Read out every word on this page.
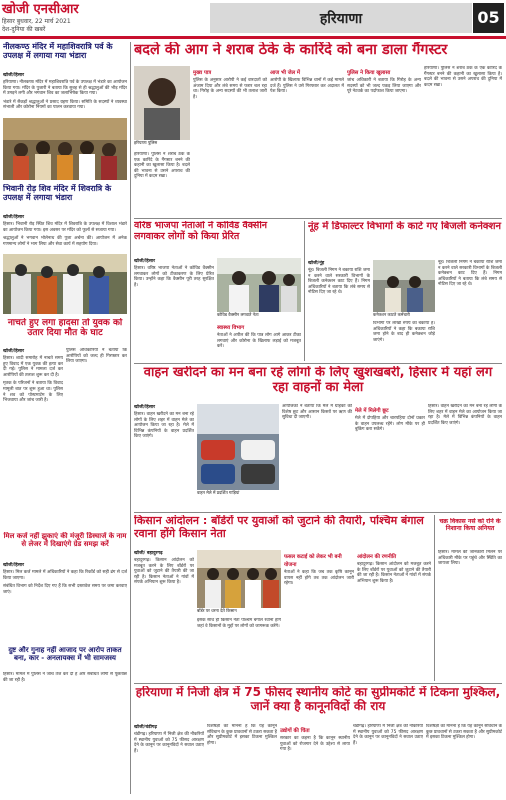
खोजी एनसीआर
हिसार बुधवार, 22 मार्च 2021
देश-दुनिया की खबरें
हरियाणा	05
नीलकण्ठ मंदिर में महाशिवरात्रि पर्व के उपलक्ष में लगाया गया भंडारा
खोजी/हिसार

हरियाणा। नीलकण्ठ मंदिर में महाशिवरात्रि पर्व के उपलक्ष में भंडारे का आयोजन किया गया। मंदिर के पुजारी ने बताया कि सुबह से ही श्रद्धालुओं की भीड़ मंदिर में उमड़ने लगी और भगवान शिव का जलाभिषेक किया गया।

भंडारे में सैकड़ों श्रद्धालुओं ने प्रसाद ग्रहण किया। समिति के सदस्यों ने व्यवस्था संभाली और कोरोना नियमों का पालन करवाया गया।

भिवानी रोड़ शिव मंदिर में शिवरात्रि के उपलक्ष में लगाया भंडारा
खोजी/हिसार

हिसार। भिवानी रोड़ स्थित शिव मंदिर में शिवरात्रि के उपलक्ष में विशाल भंडारे का आयोजन किया गया। इस अवसर पर मंदिर को फूलों से सजाया गया।

श्रद्धालुओं ने भगवान भोलेनाथ की पूजा अर्चना की। आयोजन में अनेक गणमान्य लोगों ने भाग लिया और सेवा कार्य में सहयोग दिया।

नाचते हुए लगा हादसा तो युवक को उतार दिया मौत के घाट
खोजी/हिसार

हिसार। शादी समारोह में नाचते समय हुए विवाद में एक युवक की हत्या कर दी गई। पुलिस ने मामला दर्ज कर आरोपियों की तलाश शुरू कर दी है।

मृतक के परिजनों ने बताया कि विवाद मामूली बात पर शुरू हुआ था। पुलिस ने शव को पोस्टमार्टम के लिए भिजवाया और जांच जारी है।

पुलिस अधिकारियों ने बताया कि आरोपियों को जल्द ही गिरफ्तार कर लिया जाएगा।

मिल कर्ज नहीं झुकाएं की मंजूरी डिस्चार्ज के नाम से लेजर में दिखाएंगे ग्रेड समझ करें
खोजी/हिसार

हिसार। मिल कर्ज मामले में अधिकारियों ने कहा कि रिकॉर्ड को सही ढंग से दर्ज किया जाएगा।

संबंधित विभाग को निर्देश दिए गए हैं कि सभी दस्तावेज समय पर जमा करवाए जाएं।

दुष्ट और गुनाह नहीं आजाद पर आरोप ताकत बना, कार - अनलायक्स में भी सामजस्य

हिसार। मामले में पुलिस ने जांच तेज कर दी है और संबंधित लोगों से पूछताछ की जा रही है।

बदले की आग ने शराब ठेके के कारिंदे को बना डाला गैंगस्टर
हरियाणा पुलिस

हरियाणा। पुलिस ने शराब ठेके के एक कारिंदे के गैंगस्टर बनने की कहानी का खुलासा किया है। बदले की भावना से उसने अपराध की दुनिया में कदम रखा।

मुख्य पात्र

पुलिस के अनुसार आरोपी ने कई वारदातों को अंजाम दिया और लंबे समय से फरार चल रहा था। गिरोह के अन्य सदस्यों की भी तलाश जारी है।

आज भी जेल में

आरोपी के खिलाफ विभिन्न थानों में कई मामले दर्ज हैं। पुलिस ने उसे गिरफ्तार कर अदालत में पेश किया।

पुलिस ने किया खुलासा

जांच अधिकारी ने बताया कि गिरोह के अन्य सदस्यों को भी जल्द पकड़ लिया जाएगा और पूरे नेटवर्क का पर्दाफाश किया जाएगा।

हरियाणा। पुलिस ने शराब ठेके के एक कारिंदे के गैंगस्टर बनने की कहानी का खुलासा किया है। बदले की भावना से उसने अपराध की दुनिया में कदम रखा।

वरिष्ठ भाजपा नेताओं ने कोविड वैक्सीन लगवाकर लोगों को किया प्रेरित
खोजी/हिसार

हिसार। वरिष्ठ भाजपा नेताओं ने कोविड वैक्सीन लगवाकर लोगों को टीकाकरण के लिए प्रेरित किया। उन्होंने कहा कि वैक्सीन पूरी तरह सुरक्षित है।

कोविड वैक्सीन लगवाते नेता
स्वास्थ्य विभाग

नेताओं ने अपील की कि पात्र लोग आगे आकर टीका लगवाएं और कोरोना के खिलाफ लड़ाई को मजबूत करें।

नूंह में डिफाल्टर विभागों के काटे गए बिजली कनेक्शन
खोजी/नूंह

नूंह। बिजली निगम ने बकाया राशि जमा न करने वाले सरकारी विभागों के बिजली कनेक्शन काट दिए हैं। निगम अधिकारियों ने बताया कि लंबे समय से नोटिस दिए जा रहे थे।

कनेक्शन काटते कर्मचारी

विभागों पर लाखों रुपये का बकाया है। अधिकारियों ने कहा कि बकाया राशि जमा होने के बाद ही कनेक्शन जोड़े जाएंगे।

नूंह। बिजली निगम ने बकाया राशि जमा न करने वाले सरकारी विभागों के बिजली कनेक्शन काट दिए हैं। निगम अधिकारियों ने बताया कि लंबे समय से नोटिस दिए जा रहे थे।

वाहन खरीदने का मन बना रहे लोगों के लिए खुशखबरी, हिसार में यहां लग रहा वाहनों का मेला
खोजी/हिसार

हिसार। वाहन खरीदने का मन बना रहे लोगों के लिए शहर में वाहन मेले का आयोजन किया जा रहा है। मेले में विभिन्न कंपनियों के वाहन प्रदर्शित किए जाएंगे।

वाहन मेले में प्रदर्शित गाड़ियां

आयोजकों ने बताया कि मेले में ग्राहकों को विशेष छूट और आसान किस्तों पर ऋण की सुविधा दी जाएगी।

मेले में मिलेगी छूट

मेले में दोपहिया और चारपहिया दोनों प्रकार के वाहन उपलब्ध रहेंगे। लोग मौके पर ही बुकिंग करा सकेंगे।

हिसार। वाहन खरीदने का मन बना रहे लोगों के लिए शहर में वाहन मेले का आयोजन किया जा रहा है। मेले में विभिन्न कंपनियों के वाहन प्रदर्शित किए जाएंगे।

किसान आंदोलन : बॉर्डरों पर युवाओं को जुटाने की तैयारी, पश्चिम बंगाल रवाना होंगे किसान नेता
खोजी/ बहादुरगढ़

बहादुरगढ़। किसान आंदोलन को मजबूत करने के लिए बॉर्डरों पर युवाओं को जुटाने की तैयारी की जा रही है। किसान नेताओं ने गांवों में संपर्क अभियान शुरू किया है।

बॉर्डर पर धरना देते किसान

इसके साथ ही किसान नेता पश्चिम बंगाल रवाना होंगे जहां वे किसानों के मुद्दों पर लोगों को जागरूक करेंगे।

फसल कटाई को लेकर भी बनी योजना

नेताओं ने कहा कि जब तक कृषि कानून वापस नहीं होंगे तब तक आंदोलन जारी रहेगा।

आंदोलन की रणनीति

बहादुरगढ़। किसान आंदोलन को मजबूत करने के लिए बॉर्डरों पर युवाओं को जुटाने की तैयारी की जा रही है। किसान नेताओं ने गांवों में संपर्क अभियान शुरू किया है।

चक्र विकास नर्स को रोने के निशाना किया अनियत

हिसार। मामले की जानकारी मिलने पर अधिकारी मौके पर पहुंचे और स्थिति का जायजा लिया।

हरियाणा में निजी क्षेत्र में 75 फीसद स्थानीय कोटे का सुप्रीमकोर्ट में टिकना मुश्किल, जानें क्या है कानूनविदों की राय
खोजी/चंडीगढ़

चंडीगढ़। हरियाणा में निजी क्षेत्र की नौकरियों में स्थानीय युवाओं को 75 फीसद आरक्षण देने के कानून पर कानूनविदों ने सवाल उठाए हैं।

विशेषज्ञों का मानना है कि यह कानून संविधान के कुछ प्रावधानों से टकरा सकता है और सुप्रीमकोर्ट में इसका टिकना मुश्किल होगा।

उद्योगों की चिंता

सरकार का कहना है कि कानून स्थानीय युवाओं को रोजगार देने के उद्देश्य से लाया गया है।

चंडीगढ़। हरियाणा में निजी क्षेत्र की नौकरियों में स्थानीय युवाओं को 75 फीसद आरक्षण देने के कानून पर कानूनविदों ने सवाल उठाए हैं।

विशेषज्ञों का मानना है कि यह कानून संविधान के कुछ प्रावधानों से टकरा सकता है और सुप्रीमकोर्ट में इसका टिकना मुश्किल होगा।
